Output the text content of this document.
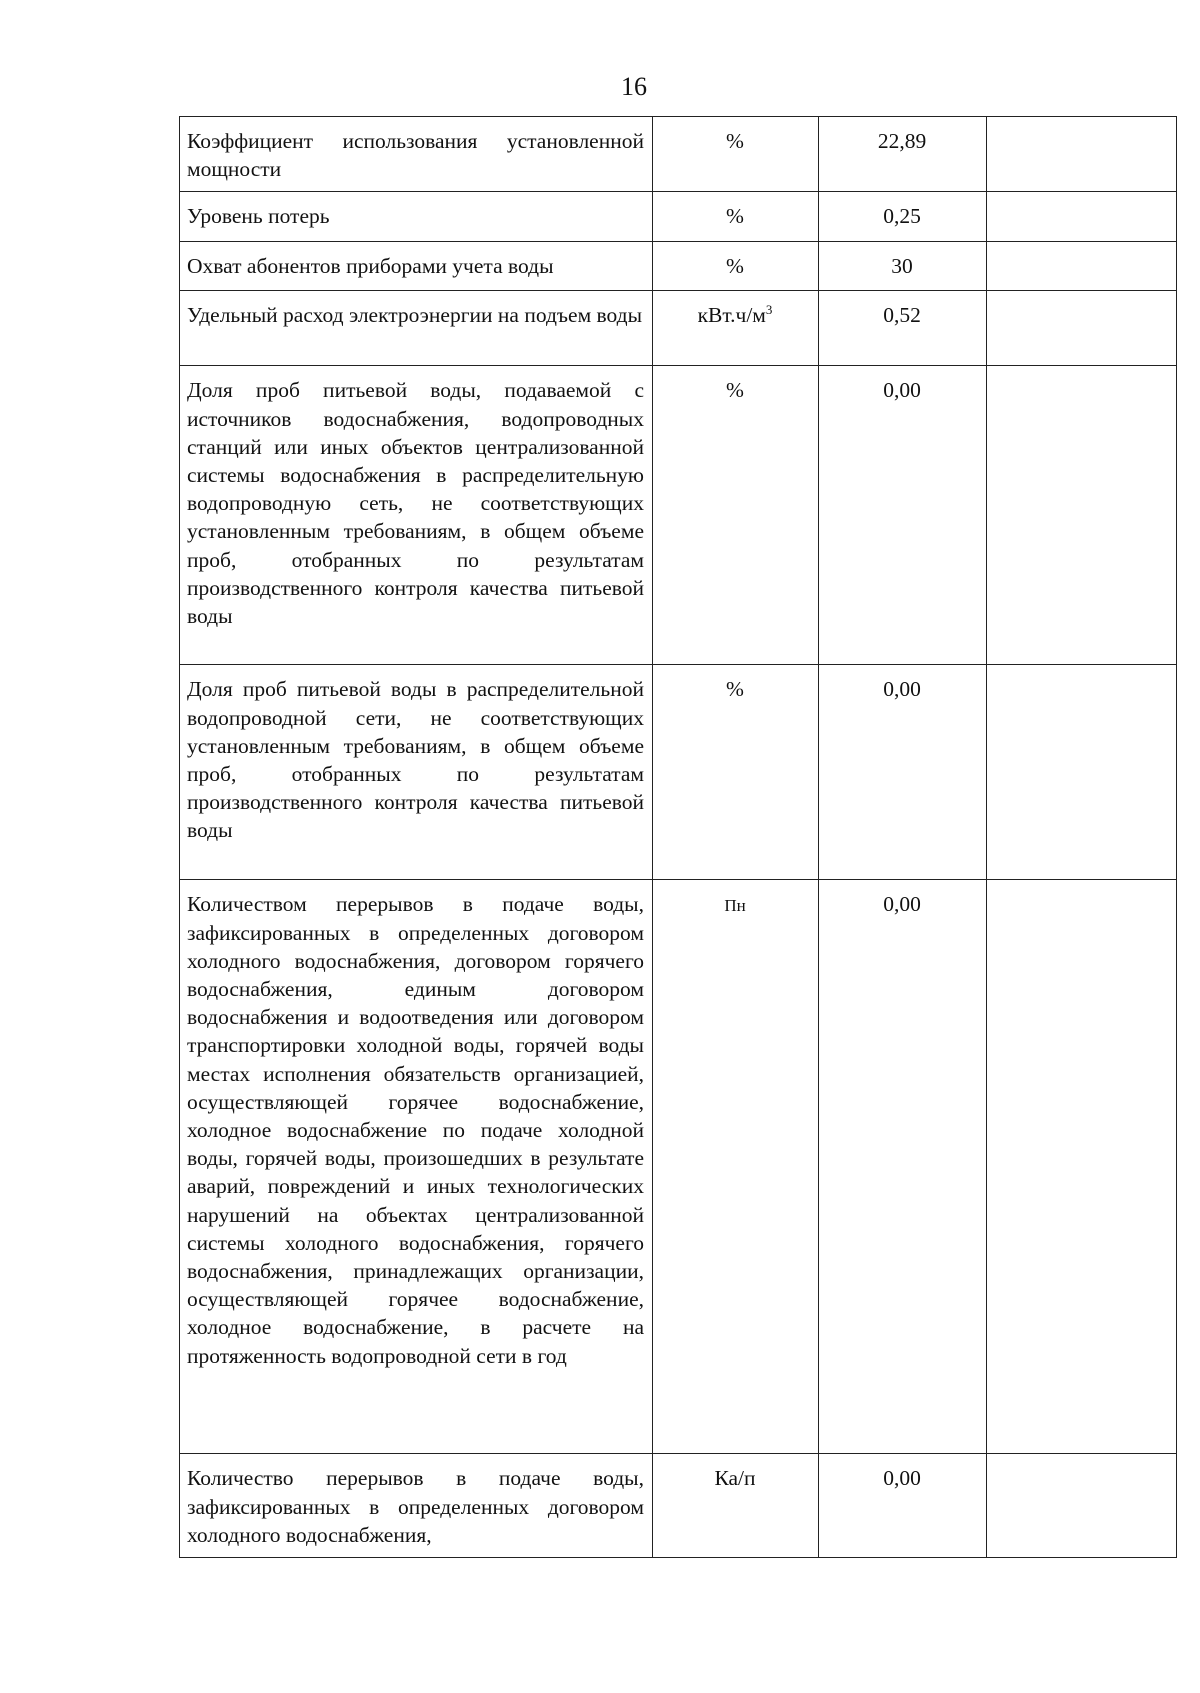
16
Коэффициент использования установленной мощности	%	22,89	
Уровень потерь	%	0,25	
Охват абонентов приборами учета воды	%	30	
Удельный расход электроэнергии на подъем воды	$кВт.ч/м^3$	0,52	
Доля проб питьевой воды, подаваемой с источников водоснабжения, водопроводных станций или иных объектов централизованной системы водоснабжения в распределительную водопроводную сеть, не соответствующих установленным требованиям, в общем объеме проб, отобранных по результатам производственного контроля качества питьевой воды	%	0,00	
Доля проб питьевой воды в распределительной водопроводной сети, не соответствующих установленным требованиям, в общем объеме проб, отобранных по результатам производственного контроля качества питьевой воды	%	0,00	
Количеством перерывов в подаче воды, зафиксированных в определенных договором холодного водоснабжения, договором горячего водоснабжения, единым договором водоснабжения и водоотведения или договором транспортировки холодной воды, горячей воды местах исполнения обязательств организацией, осуществляющей горячее водоснабжение, холодное водоснабжение по подаче холодной воды, горячей воды, произошедших в результате аварий, повреждений и иных технологических нарушений на объектах централизованной системы холодного водоснабжения, горячего водоснабжения, принадлежащих организации, осуществляющей горячее водоснабжение, холодное водоснабжение, в расчете на протяженность водопроводной сети в год	Пн	0,00	
Количество перерывов в подаче воды, зафиксированных в определенных договором холодного водоснабжения,	Ка/п	0,00	
